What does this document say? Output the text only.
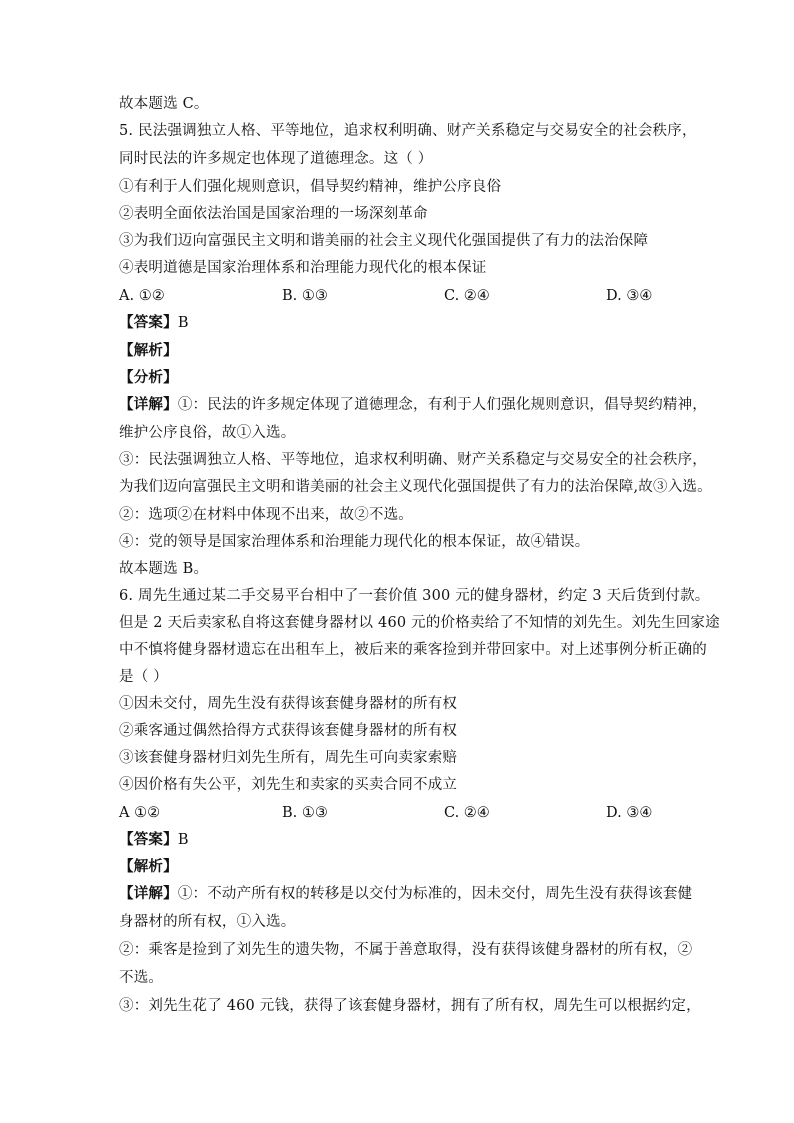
故本题选 C。
5. 民法强调独立人格、平等地位，追求权利明确、财产关系稳定与交易安全的社会秩序，
同时民法的许多规定也体现了道德理念。这（ ）
①有利于人们强化规则意识，倡导契约精神，维护公序良俗
②表明全面依法治国是国家治理的一场深刻革命
③为我们迈向富强民主文明和谐美丽的社会主义现代化强国提供了有力的法治保障
④表明道德是国家治理体系和治理能力现代化的根本保证
A. ①②	B. ①③	C. ②④	D. ③④
【答案】B
【解析】
【分析】
【详解】①：民法的许多规定体现了道德理念，有利于人们强化规则意识，倡导契约精神，
维护公序良俗，故①入选。
③：民法强调独立人格、平等地位，追求权利明确、财产关系稳定与交易安全的社会秩序，
为我们迈向富强民主文明和谐美丽的社会主义现代化强国提供了有力的法治保障,故③入选。
②：选项②在材料中体现不出来，故②不选。
④：党的领导是国家治理体系和治理能力现代化的根本保证，故④错误。
故本题选 B。
6. 周先生通过某二手交易平台相中了一套价值 300 元的健身器材，约定 3 天后货到付款。
但是 2 天后卖家私自将这套健身器材以 460 元的价格卖给了不知情的刘先生。刘先生回家途
中不慎将健身器材遗忘在出租车上，被后来的乘客捡到并带回家中。对上述事例分析正确的
是（ ）
①因未交付，周先生没有获得该套健身器材的所有权
②乘客通过偶然拾得方式获得该套健身器材的所有权
③该套健身器材归刘先生所有，周先生可向卖家索赔
④因价格有失公平，刘先生和卖家的买卖合同不成立
A ①②	B. ①③	C. ②④	D. ③④
【答案】B
【解析】
【详解】①：不动产所有权的转移是以交付为标准的，因未交付，周先生没有获得该套健
身器材的所有权，①入选。
②：乘客是捡到了刘先生的遗失物，不属于善意取得，没有获得该健身器材的所有权，②
不选。
③：刘先生花了 460 元钱，获得了该套健身器材，拥有了所有权，周先生可以根据约定，
